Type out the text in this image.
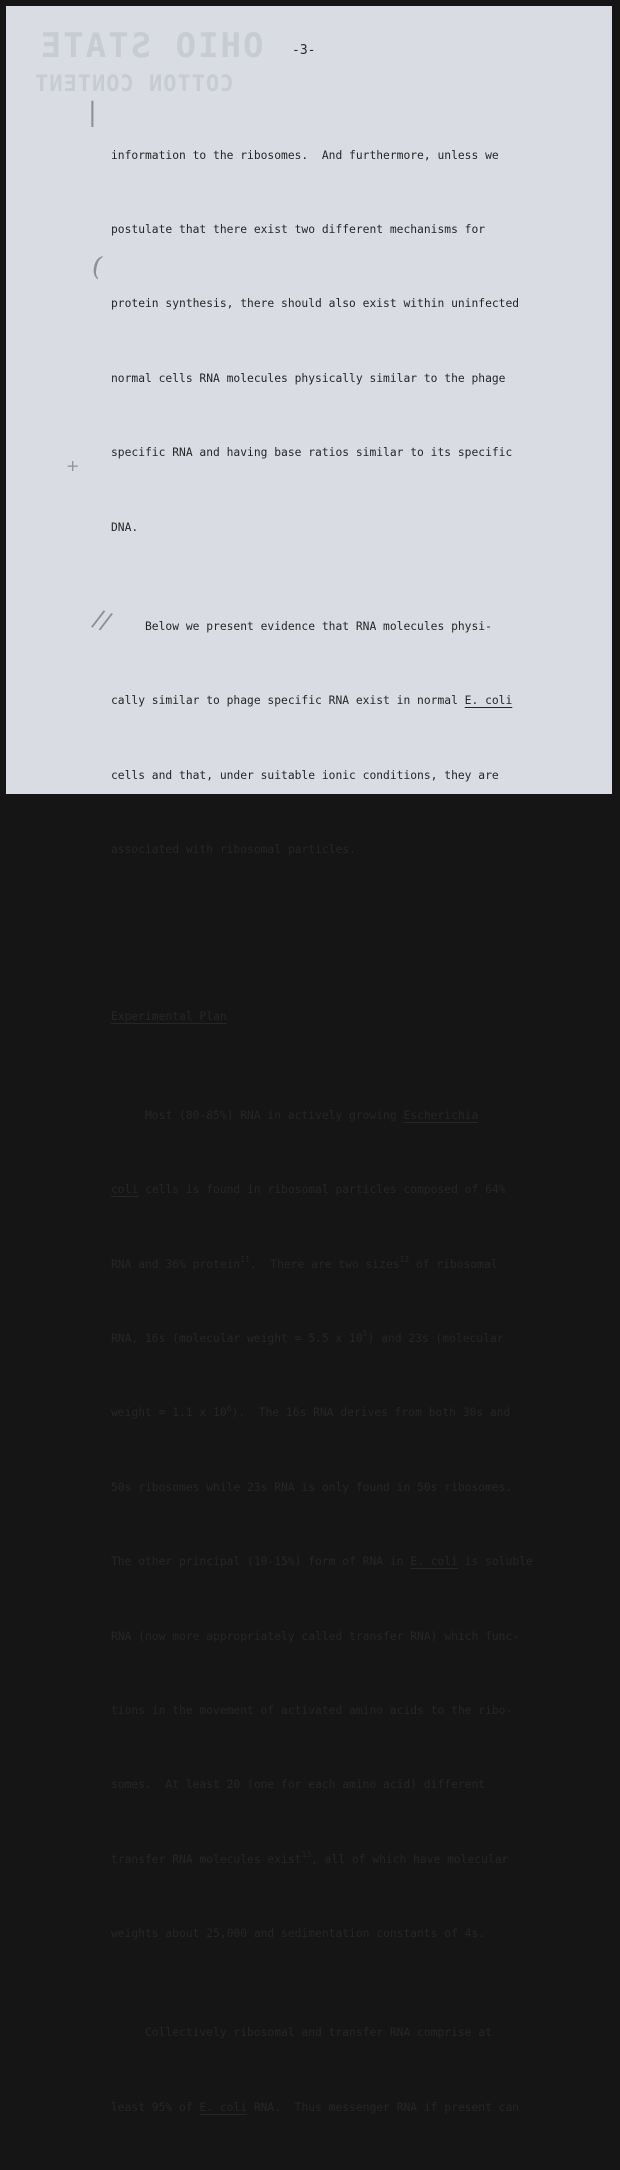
OHIO STATE
COTTON CONTENT
|
(
+
//
-3-

information to the ribosomes.  And furthermore, unless we

postulate that there exist two different mechanisms for

protein synthesis, there should also exist within uninfected

normal cells RNA molecules physically similar to the phage

specific RNA and having base ratios similar to its specific

DNA.

Below we present evidence that RNA molecules physi-

cally similar to phage specific RNA exist in normal E. coli

cells and that, under suitable ionic conditions, they are

associated with ribosomal particles.

Experimental Plan

Most (80-85%) RNA in actively growing Escherichia

coli cells is found in ribosomal particles composed of 64%

RNA and 36% protein$^{11}$.  There are two sizes$^{12}$ of ribosomal

RNA, 16s (molecular weight = 5.5 x $10^5$) and 23s (molecular

weight = 1.1 x $10^6$).  The 16s RNA derives from both 30s and

50s ribosomes while 23s RNA is only found in 50s ribosomes.

The other principal (10-15%) form of RNA in E. coli is soluble

RNA (now more appropriately called transfer RNA) which func-

tions in the movement of activated amino acids to the ribo-

somes.  At least 20 (one for each amino acid) different

transfer RNA molecules exist$^{13}$, all of which have molecular

weights about 25,000 and sedimentation constants of 4s.

Collectively ribosomal and transfer RNA comprise at

least 95% of E. coli RNA.  Thus messenger RNA if present can
